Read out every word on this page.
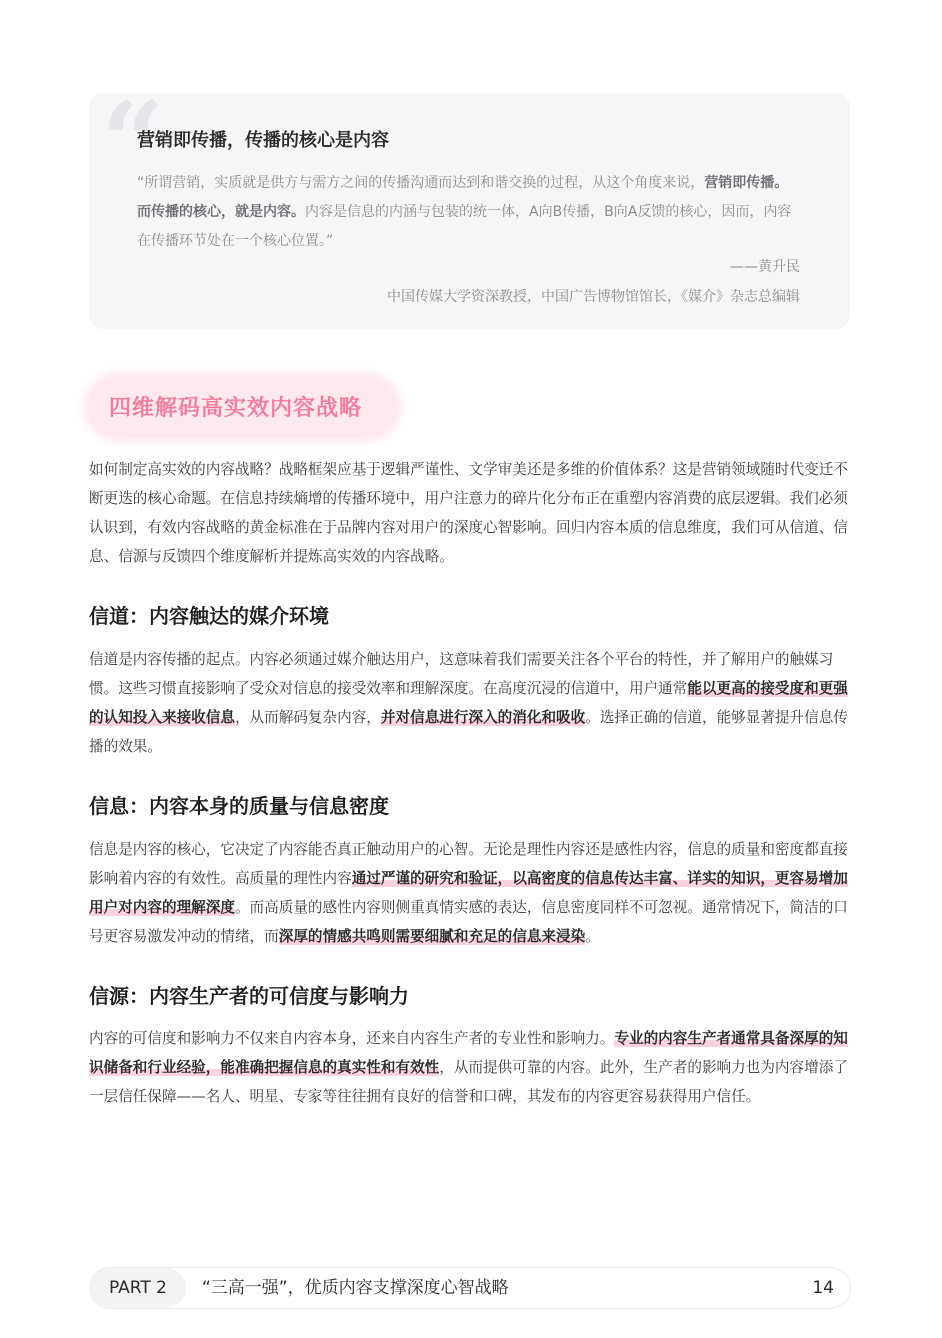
“
营销即传播，传播的核心是内容
“所谓营销，实质就是供方与需方之间的传播沟通而达到和谐交换的过程，从这个角度来说，营销即传播。而传播的核心，就是内容。内容是信息的内涵与包装的统一体，A向B传播，B向A反馈的核心，因而，内容在传播环节处在一个核心位置。”
——黄升民
中国传媒大学资深教授，中国广告博物馆馆长，《媒介》杂志总编辑
四维解码高实效内容战略
如何制定高实效的内容战略？战略框架应基于逻辑严谨性、文学审美还是多维的价值体系？这是营销领域随时代变迁不断更迭的核心命题。在信息持续熵增的传播环境中，用户注意力的碎片化分布正在重塑内容消费的底层逻辑。我们必须认识到，有效内容战略的黄金标准在于品牌内容对用户的深度心智影响。回归内容本质的信息维度，我们可从信道、信息、信源与反馈四个维度解析并提炼高实效的内容战略。
信道：内容触达的媒介环境
信道是内容传播的起点。内容必须通过媒介触达用户，这意味着我们需要关注各个平台的特性，并了解用户的触媒习惯。这些习惯直接影响了受众对信息的接受效率和理解深度。在高度沉浸的信道中，用户通常能以更高的接受度和更强的认知投入来接收信息，从而解码复杂内容，并对信息进行深入的消化和吸收。选择正确的信道，能够显著提升信息传播的效果。
信息：内容本身的质量与信息密度
信息是内容的核心，它决定了内容能否真正触动用户的心智。无论是理性内容还是感性内容，信息的质量和密度都直接影响着内容的有效性。高质量的理性内容通过严谨的研究和验证，以高密度的信息传达丰富、详实的知识，更容易增加用户对内容的理解深度。而高质量的感性内容则侧重真情实感的表达，信息密度同样不可忽视。通常情况下，简洁的口号更容易激发冲动的情绪，而深厚的情感共鸣则需要细腻和充足的信息来浸染。
信源：内容生产者的可信度与影响力
内容的可信度和影响力不仅来自内容本身，还来自内容生产者的专业性和影响力。专业的内容生产者通常具备深厚的知识储备和行业经验，能准确把握信息的真实性和有效性，从而提供可靠的内容。此外，生产者的影响力也为内容增添了一层信任保障——名人、明星、专家等往往拥有良好的信誉和口碑，其发布的内容更容易获得用户信任。
PART 2	“三高一强”，优质内容支撑深度心智战略	14
